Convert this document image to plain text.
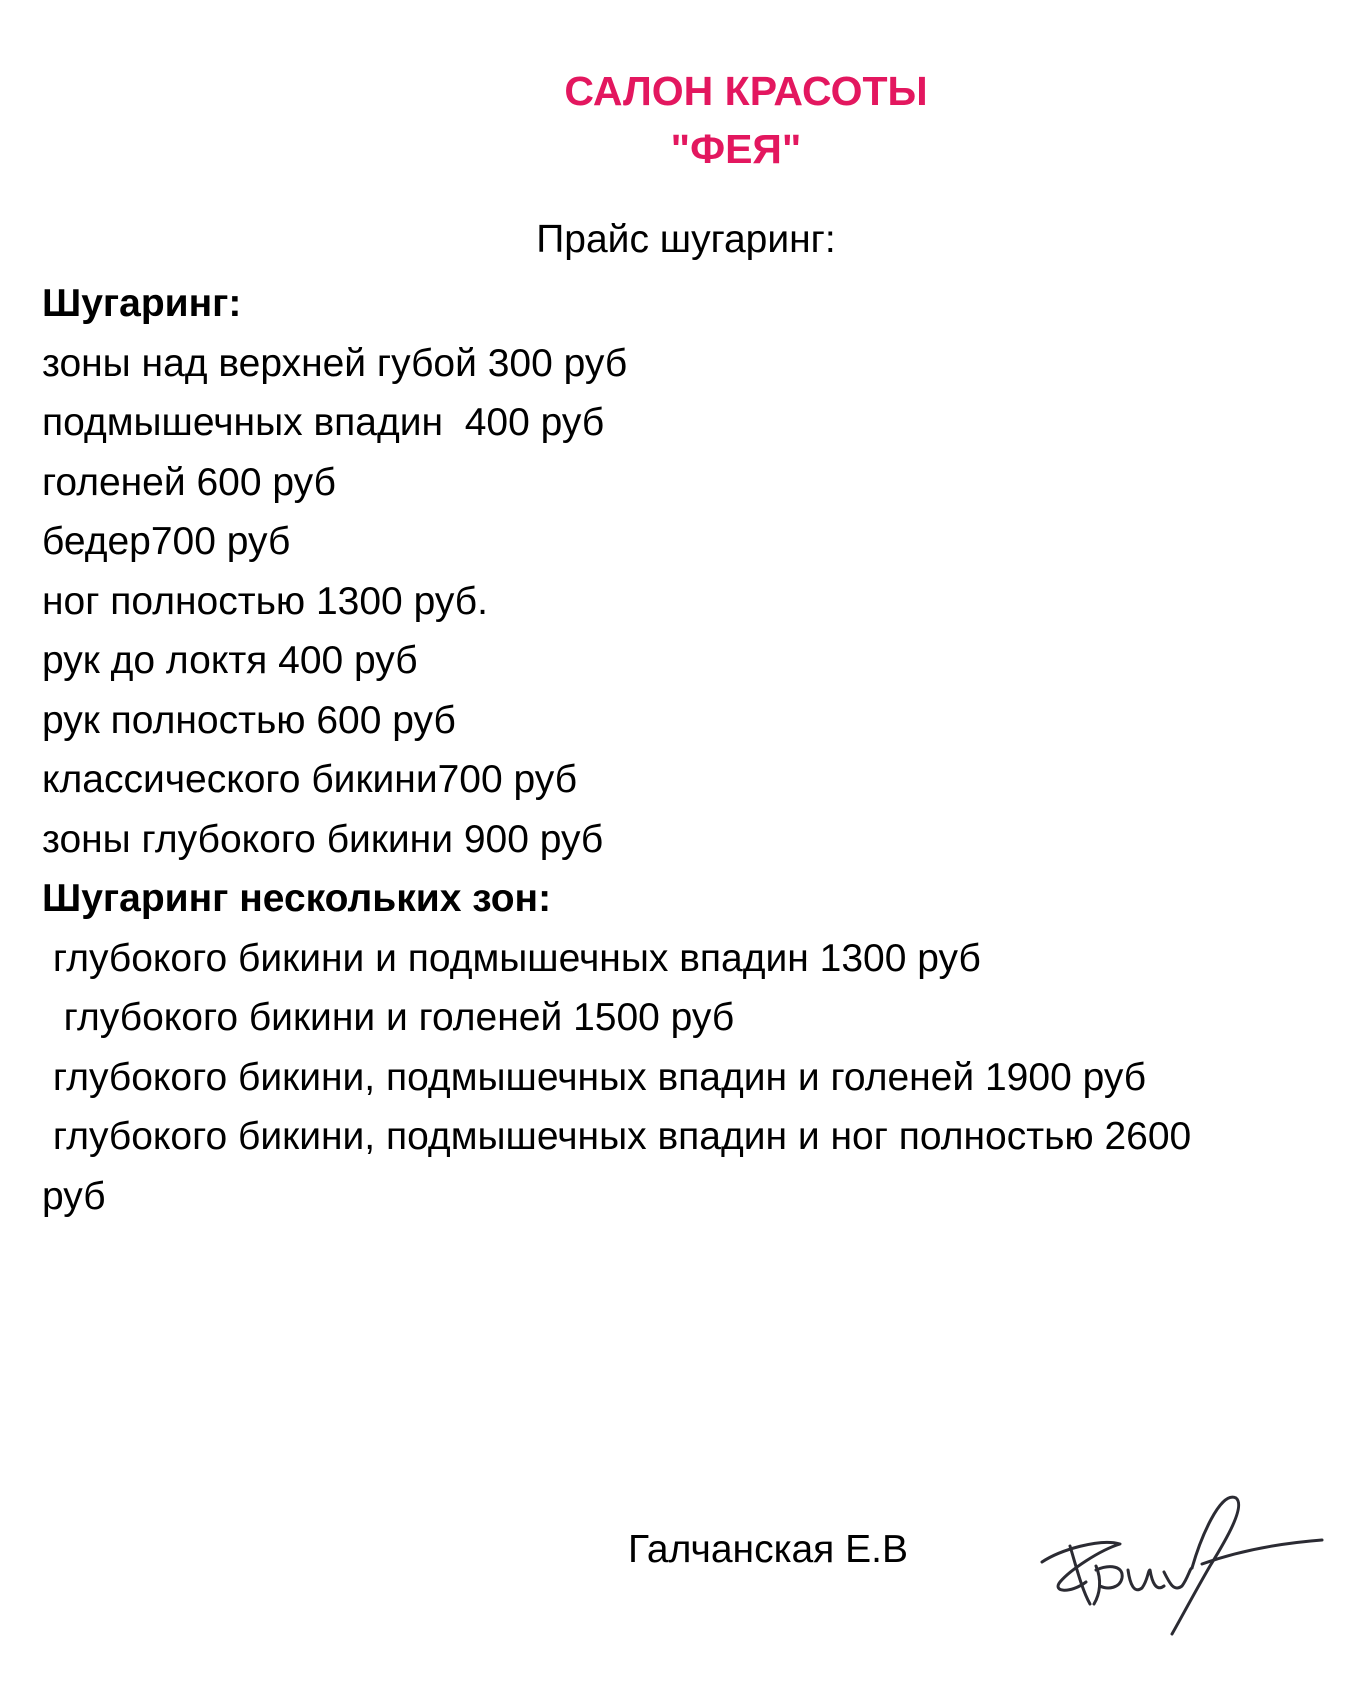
САЛОН КРАСОТЫ
"ФЕЯ"
Прайс шугаринг:
Шугаринг:
зоны над верхней губой 300 руб
подмышечных впадин  400 руб
голеней 600 руб
бедер700 руб
ног полностью 1300 руб.
рук до локтя 400 руб
рук полностью 600 руб
классического бикини700 руб
зоны глубокого бикини 900 руб
Шугаринг нескольких зон:
глубокого бикини и подмышечных впадин 1300 руб
глубокого бикини и голеней 1500 руб
глубокого бикини, подмышечных впадин и голеней 1900 руб
глубокого бикини, подмышечных впадин и ног полностью 2600 руб
Галчанская Е.В
